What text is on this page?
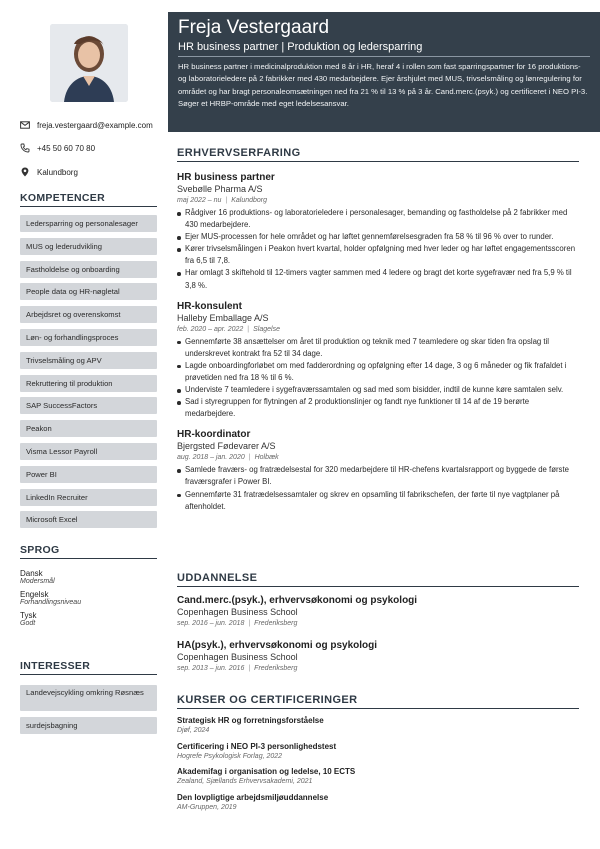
freja.vestergaard@example.com
+45 50 60 70 80
Kalundborg
KOMPETENCER
Ledersparring og personalesager
MUS og lederudvikling
Fastholdelse og onboarding
People data og HR-nøgletal
Arbejdsret og overenskomst
Løn- og forhandlingsproces
Trivselsmåling og APV
Rekruttering til produktion
SAP SuccessFactors
Peakon
Visma Lessor Payroll
Power BI
LinkedIn Recruiter
Microsoft Excel
SPROG
Dansk
Modersmål
Engelsk
Forhandlingsniveau
Tysk
Godt
INTERESSER
Landevejscykling omkring Røsnæs
surdejsbagning
Freja Vestergaard
HR business partner | Produktion og ledersparring
HR business partner i medicinalproduktion med 8 år i HR, heraf 4 i rollen som fast sparringspartner for 16 produktions- og laboratorieledere på 2 fabrikker med 430 medarbejdere. Ejer årshjulet med MUS, trivselsmåling og lønregulering for området og har bragt personaleomsætningen ned fra 21 % til 13 % på 3 år. Cand.merc.(psyk.) og certificeret i NEO PI-3. Søger et HRBP-område med eget ledelsesansvar.
ERHVERVSERFARING
HR business partner
Svebølle Pharma A/S
maj 2022 – nu | Kalundborg
Rådgiver 16 produktions- og laboratorieledere i personalesager, bemanding og fastholdelse på 2 fabrikker med 430 medarbejdere.
Ejer MUS-processen for hele området og har løftet gennemførelsesgraden fra 58 % til 96 % over to runder.
Kører trivselsmålingen i Peakon hvert kvartal, holder opfølgning med hver leder og har løftet engagementsscoren fra 6,5 til 7,8.
Har omlagt 3 skiftehold til 12-timers vagter sammen med 4 ledere og bragt det korte sygefravær ned fra 5,9 % til 3,8 %.
HR-konsulent
Halleby Emballage A/S
feb. 2020 – apr. 2022 | Slagelse
Gennemførte 38 ansættelser om året til produktion og teknik med 7 teamledere og skar tiden fra opslag til underskrevet kontrakt fra 52 til 34 dage.
Lagde onboardingforløbet om med fadderordning og opfølgning efter 14 dage, 3 og 6 måneder og fik frafaldet i prøvetiden ned fra 18 % til 6 %.
Underviste 7 teamledere i sygefraværssamtalen og sad med som bisidder, indtil de kunne køre samtalen selv.
Sad i styregruppen for flytningen af 2 produktionslinjer og fandt nye funktioner til 14 af de 19 berørte medarbejdere.
HR-koordinator
Bjergsted Fødevarer A/S
aug. 2018 – jan. 2020 | Holbæk
Samlede fraværs- og fratrædelsestal for 320 medarbejdere til HR-chefens kvartalsrapport og byggede de første fraværsgrafer i Power BI.
Gennemførte 31 fratrædelsessamtaler og skrev en opsamling til fabrikschefen, der førte til nye vagtplaner på aftenholdet.
UDDANNELSE
Cand.merc.(psyk.), erhvervsøkonomi og psykologi
Copenhagen Business School
sep. 2016 – jun. 2018 | Frederiksberg
HA(psyk.), erhvervsøkonomi og psykologi
Copenhagen Business School
sep. 2013 – jun. 2016 | Frederiksberg
KURSER OG CERTIFICERINGER
Strategisk HR og forretningsforståelse
Djøf, 2024
Certificering i NEO PI-3 personlighedstest
Hogrefe Psykologisk Forlag, 2022
Akademifag i organisation og ledelse, 10 ECTS
Zealand, Sjællands Erhvervsakademi, 2021
Den lovpligtige arbejdsmiljøuddannelse
AM-Gruppen, 2019
